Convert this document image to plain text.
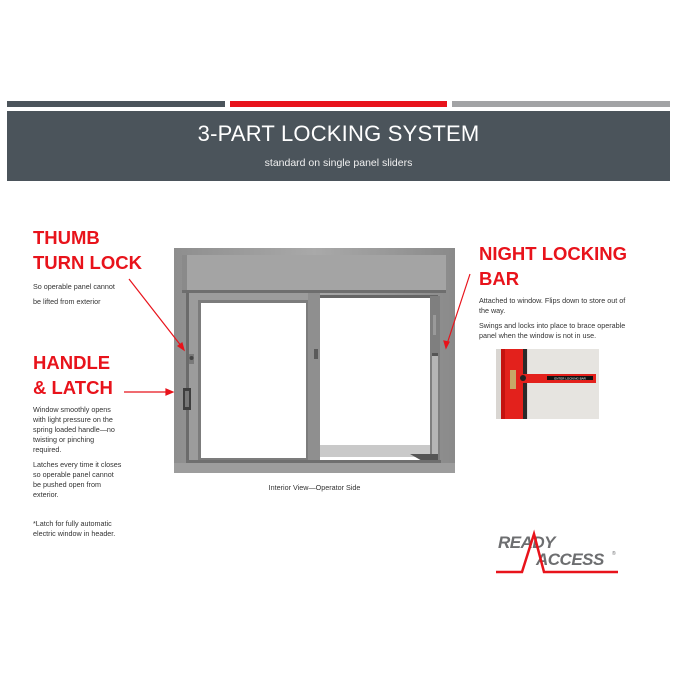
3-PART LOCKING SYSTEM
standard on single panel sliders
THUMB
TURN LOCK
So operable panel cannot
be lifted from exterior
HANDLE
& LATCH
Window smoothly opens
with light pressure on the
spring loaded handle—no
twisting or pinching
required.
Latches every time it closes
so operable panel cannot
be pushed open from
exterior.
*Latch for fully automatic
electric window in header.
NIGHT LOCKING
BAR
Attached to window. Flips down to store out of
the way.
Swings and locks into place to brace operable
panel when the window is not in use.
ENTER LOCKING BAR
Interior View—Operator Side
READY
ACCESS ®
